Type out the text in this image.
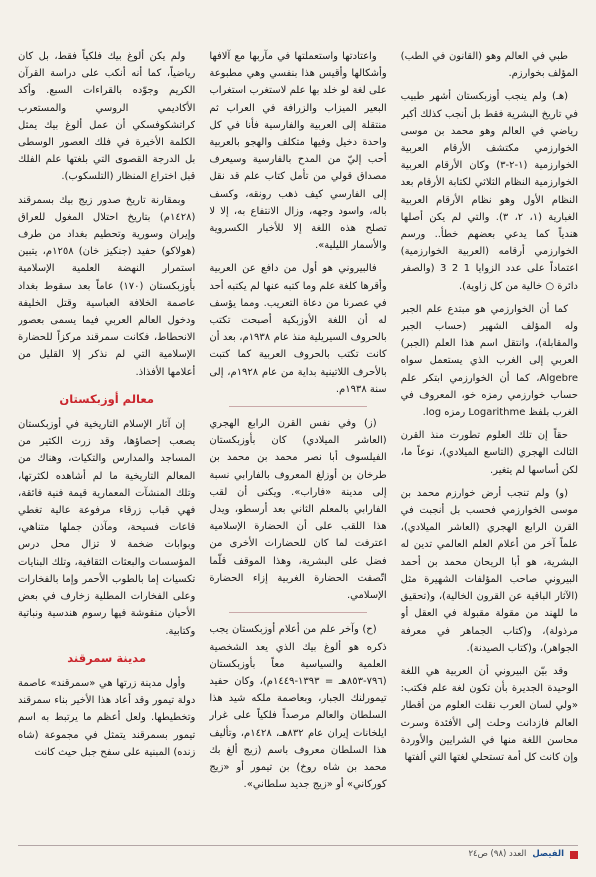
طبي في العالم وهو (القانون في الطب) المؤلف بخوارزم.

(هـ) ولم ينجب أوزبكستان أشهر طبيب في تاريخ البشرية فقط بل أنجب كذلك أكبر رياضي في العالم وهو محمد بن موسى الخوارزمي مكتشف الأرقام العربية الخوارزمية (١-٢-٣) وكان الأرقام العربية الخوارزمية النظام الثلاثي لكتابة الأرقام بعد النظام الأول وهو نظام الأرقام العربية الغبارية (١، ٢، ٣). والتي لم يكن أصلها هندياً كما يدعي بعضهم خطأ.. ورسم الخوارزمي أرقامه (العربية الخوارزمية) اعتماداً على عدد الزوايا 1 2 3 (والصفر دائرة ○ خالية من كل زاوية).

كما أن الخوارزمي هو مبتدع علم الجبر وله المؤلف الشهير (حساب الجبر والمقابلة)، وانتقل اسم هذا العلم (الجبر) العربي إلى الغرب الذي يستعمل سواه Algebre، كما أن الخوارزمي ابتكر علم حساب خوارزمي رمزه خو، المعروف في الغرب بلفظ Logarithme رمزه log.

حقاً إن تلك العلوم تطورت منذ القرن الثالث الهجري (التاسع الميلادي)، نوعاً ما، لكن أساسها لم يتغير.

(و) ولم تنجب أرض خوارزم محمد بن موسى الخوارزمي فحسب بل أنجبت في القرن الرابع الهجري (العاشر الميلادي)، علماً آخر من أعلام العلم العالمي تدين له البشرية، هو أبا الريحان محمد بن أحمد البيروني صاحب المؤلفات الشهيرة مثل (الآثار الباقية عن القرون الخالية)، و(تحقيق ما للهند من مقولة مقبولة في العقل أو مرذولة)، و(كتاب الجماهر في معرفة الجواهر)، و(كتاب الصيدنة).

وقد بيّن البيروني أن العربية هي اللغة الوحيدة الجديرة بأن تكون لغة علم فكتب: «ولي لسان العرب نقلت العلوم من أقطار العالم فازدانت وحلت إلى الأفئدة وسرت محاسن اللغة منها في الشرايين والأوردة وإن كانت كل أمة تستحلي لغتها التي ألفتها

واعتادتها واستعملتها في مآربها مع آلافها وأشكالها وأقيس هذا بنفسي وهي مطبوعة على لغة لو خلد بها علم لاستغرب استغراب البعير الميزاب والزرافة في العراب ثم منتقلة إلى العربية والفارسية فأنا في كل واحدة دخيل وفيها متكلف والهجو بالعربية أحب إليّ من المدح بالفارسية وسيعرف مصداق قولي من تأمل كتاب علم قد نقل إلى الفارسي كيف ذهب رونقه، وكسف باله، واسود وجهه، وزال الانتفاع به، إلا لا تصلح هذه اللغة إلا للأخبار الكسروية والأسمار الليلية».

فالبيروني هو أول من دافع عن العربية وأقرها كلغة علم وما كتبه عنها لم يكتبه أحد في عصرنا من دعاة التعريب. ومما يؤسف له أن اللغة الأوزبكية أصبحت تكتب بالحروف السيريلية منذ عام ١٩٣٨م، بعد أن كانت تكتب بالحروف العربية كما كتبت بالأحرف اللاتينية بداية من عام ١٩٢٨م، إلى سنة ١٩٣٨م.

(ز) وفي نفس القرن الرابع الهجري (العاشر الميلادي) كان بأوزبكستان الفيلسوف أبا نصر محمد بن محمد بن طرخان بن أوزلغ المعروف بالفارابي نسبة إلى مدينة «فاراب». ويكنى أن لقب الفارابي بالمعلم الثاني بعد أرسطو، ويدل هذا اللقب على أن الحضارة الإسلامية اعترفت لما كان للحضارات الأخرى من فضل على البشرية، وهذا الموقف قلّما اتّصفت الحضارة الغربية إزاء الحضارة الإسلامي.

(ح) وآخر علم من أعلام أوزبكستان يجب ذكره هو ألوغ بيك الذي يعد الشخصية العلمية والسياسية معاً بأوزبكستان (٧٩٦-٨٥٣هـ = ١٣٩٣-١٤٤٩م)، وكان حفيد تيمورلنك الجبار، وبعاصمة ملكه شيد هذا السلطان والعالم مرصداً فلكياً على غرار ايلخانات إيران عام ٨٣٢هـ، ١٤٢٨م، وتأليف هذا السلطان معروف باسم (زيج ألغ بك محمد بن شاه روخ) بن تيمور أو «زيج كوركاني» أو «زيج جديد سلطاني».

ولم يكن ألوغ بيك فلكياً فقط، بل كان رياضياً، كما أنه أنكب على دراسة القرآن الكريم وجوّده بالقراءات السبع. وأكد الأكاديمي الروسي والمستعرب كراتشكوفسكي أن عمل ألوغ بيك يمثل الكلمة الأخيرة في فلك العصور الوسطى بل الدرجة القصوى التي بلغتها علم الفلك قبل اختراع المنظار (التلسكوب).

وبمقارنة تاريخ صدور زيج بيك بسمرقند (١٤٢٨م) بتاريخ احتلال المغول للعراق وإيران وسورية وتحطيم بغداد من طرف (هولاكو) حفيد (جنكيز خان) ١٢٥٨م، يتبين استمرار النهضة العلمية الإسلامية بأوزبكستان (١٧٠) عاماً بعد سقوط بغداد عاصمة الخلافة العباسية وقتل الخليفة ودخول العالم العربي فيما يسمى بعصور الانحطاط، فكانت سمرقند مركزاً للحضارة الإسلامية التي لم نذكر إلا القليل من أعلامها الأفذاذ.

معالم أوزبكستان

إن آثار الإسلام التاريخية في أوزبكستان يصعب إحصاؤها، وقد زرت الكثير من المساجد والمدارس والتكيات، وهناك من المعالم التاريخية ما لم أشاهده لكثرتها، وتلك المنشآت المعمارية قيمة فنية فائقة، فهي قباب زرقاء مرفوعة عالية تغطي قاعات فسيحة، ومآذن جملها متناهي، وبوابات ضخمة لا تزال محل درس المؤسسات والبعثات الثقافية، وتلك البنايات تكسيات إما بالطوب الأحمر وإما بالفخارات وعلى الفخارات المطلية زخارف في بعض الأحيان منقوشة فيها رسوم هندسية ونباتية وكتابية.

مدينة سمرقند

وأول مدينة زرتها هي «سمرقند» عاصمة دولة تيمور وقد أعاد هذا الأخير بناء سمرقند وتخطيطها. ولعل أعظم ما يرتبط به اسم تيمور بسمرقند يتمثل في مجموعة (شاه زنده) المبنية على سفح جبل حيث كانت

الفيصل
العدد (٩٨) ص٢٤
